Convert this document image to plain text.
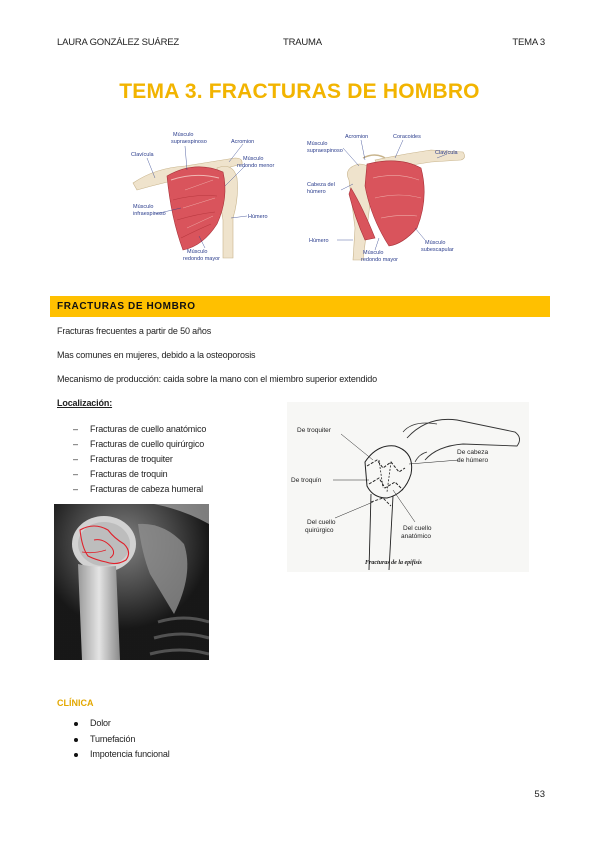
LAURA GONZÁLEZ SUÁREZ	TRAUMA	TEMA 3
TEMA 3. FRACTURAS DE HOMBRO
Músculo
supraespinoso	Acromion
Clavícula
Músculo
redondo menor
Músculo
infraespinoso	Húmero
Músculo
redondo mayor
Acromion	Coracoides
Músculo
supraespinoso	Clavícula
Cabeza del
húmero
Húmero
Músculo
redondo mayor
Músculo
subescapular
FRACTURAS DE HOMBRO
Fracturas frecuentes a partir de 50 años
Mas comunes en mujeres, debido a la osteoporosis
Mecanismo de producción: caida sobre la mano con el miembro superior extendido
Localización:
– Fracturas de cuello anatómico
– Fracturas de cuello quirúrgico
– Fracturas de troquiter
– Fracturas de troquin
– Fracturas de cabeza humeral
De troquiter
De cabeza
de húmero
De troquín
Del cuello
quirúrgico	Del cuello
anatómico
Fracturas de la epífisis
CLÍNICA
Dolor
Tumefación
Impotencia funcional
53
